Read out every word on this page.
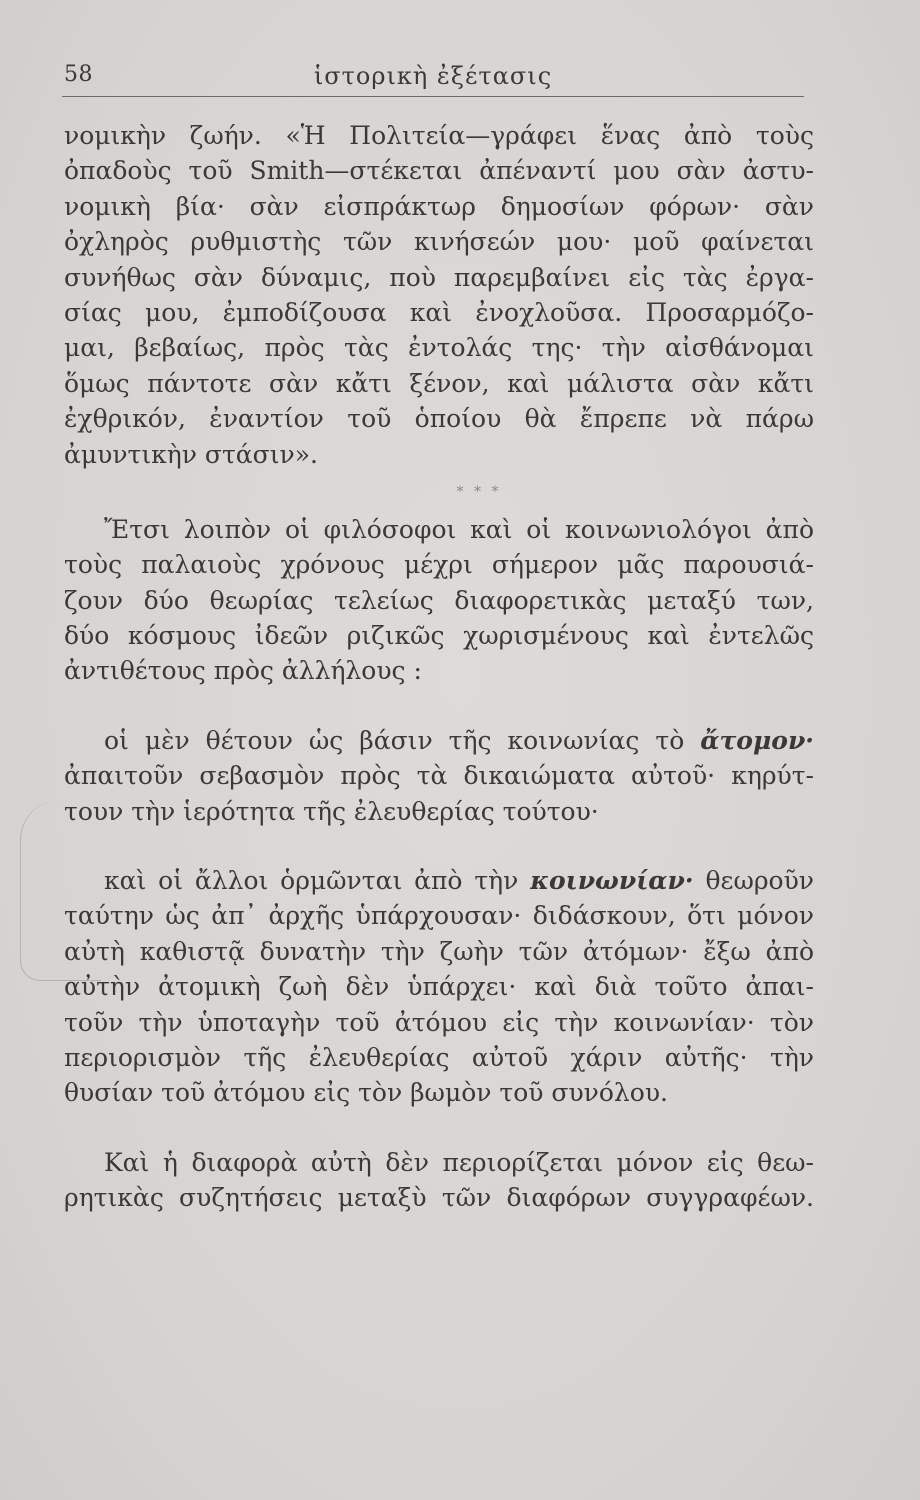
58	ἱστορικὴ ἐξέτασις
νομικὴν ζωήν. «Ἡ Πολιτεία—γράφει ἕνας ἀπὸ τοὺς
ὀπαδοὺς τοῦ Smith—στέκεται ἀπέναντί μου σὰν ἀστυ-
νομικὴ βία· σὰν εἰσπράκτωρ δημοσίων φόρων· σὰν
ὀχληρὸς ρυθμιστὴς τῶν κινήσεών μου· μοῦ φαίνεται
συνήθως σὰν δύναμις, ποὺ παρεμβαίνει εἰς τὰς ἐργα-
σίας μου, ἐμποδίζουσα καὶ ἐνοχλοῦσα. Προσαρμόζο-
μαι, βεβαίως, πρὸς τὰς ἐντολάς της· τὴν αἰσθάνομαι
ὅμως πάντοτε σὰν κἄτι ξένον, καὶ μάλιστα σὰν κἄτι
ἐχθρικόν, ἐναντίον τοῦ ὁποίου θὰ ἔπρεπε νὰ πάρω
ἀμυντικὴν στάσιν».
* * *
Ἔτσι λοιπὸν οἱ φιλόσοφοι καὶ οἱ κοινωνιολόγοι ἀπὸ
τοὺς παλαιοὺς χρόνους μέχρι σήμερον μᾶς παρουσιά-
ζουν δύο θεωρίας τελείως διαφορετικὰς μεταξύ των,
δύο κόσμους ἰδεῶν ριζικῶς χωρισμένους καὶ ἐντελῶς
ἀντιθέτους πρὸς ἀλλήλους :
οἱ μὲν θέτουν ὡς βάσιν τῆς κοινωνίας τὸ ἄτομον·
ἀπαιτοῦν σεβασμὸν πρὸς τὰ δικαιώματα αὐτοῦ· κηρύτ-
τουν τὴν ἱερότητα τῆς ἐλευθερίας τούτου·
καὶ οἱ ἄλλοι ὁρμῶνται ἀπὸ τὴν κοινωνίαν· θεωροῦν
ταύτην ὡς ἀπ᾽ ἀρχῆς ὑπάρχουσαν· διδάσκουν, ὅτι μόνον
αὐτὴ καθιστᾷ δυνατὴν τὴν ζωὴν τῶν ἀτόμων· ἔξω ἀπὸ
αὐτὴν ἀτομικὴ ζωὴ δὲν ὑπάρχει· καὶ διὰ τοῦτο ἀπαι-
τοῦν τὴν ὑποταγὴν τοῦ ἀτόμου εἰς τὴν κοινωνίαν· τὸν
περιορισμὸν τῆς ἐλευθερίας αὐτοῦ χάριν αὐτῆς· τὴν
θυσίαν τοῦ ἀτόμου εἰς τὸν βωμὸν τοῦ συνόλου.
Καὶ ἡ διαφορὰ αὐτὴ δὲν περιορίζεται μόνον εἰς θεω-
ρητικὰς συζητήσεις μεταξὺ τῶν διαφόρων συγγραφέων.
